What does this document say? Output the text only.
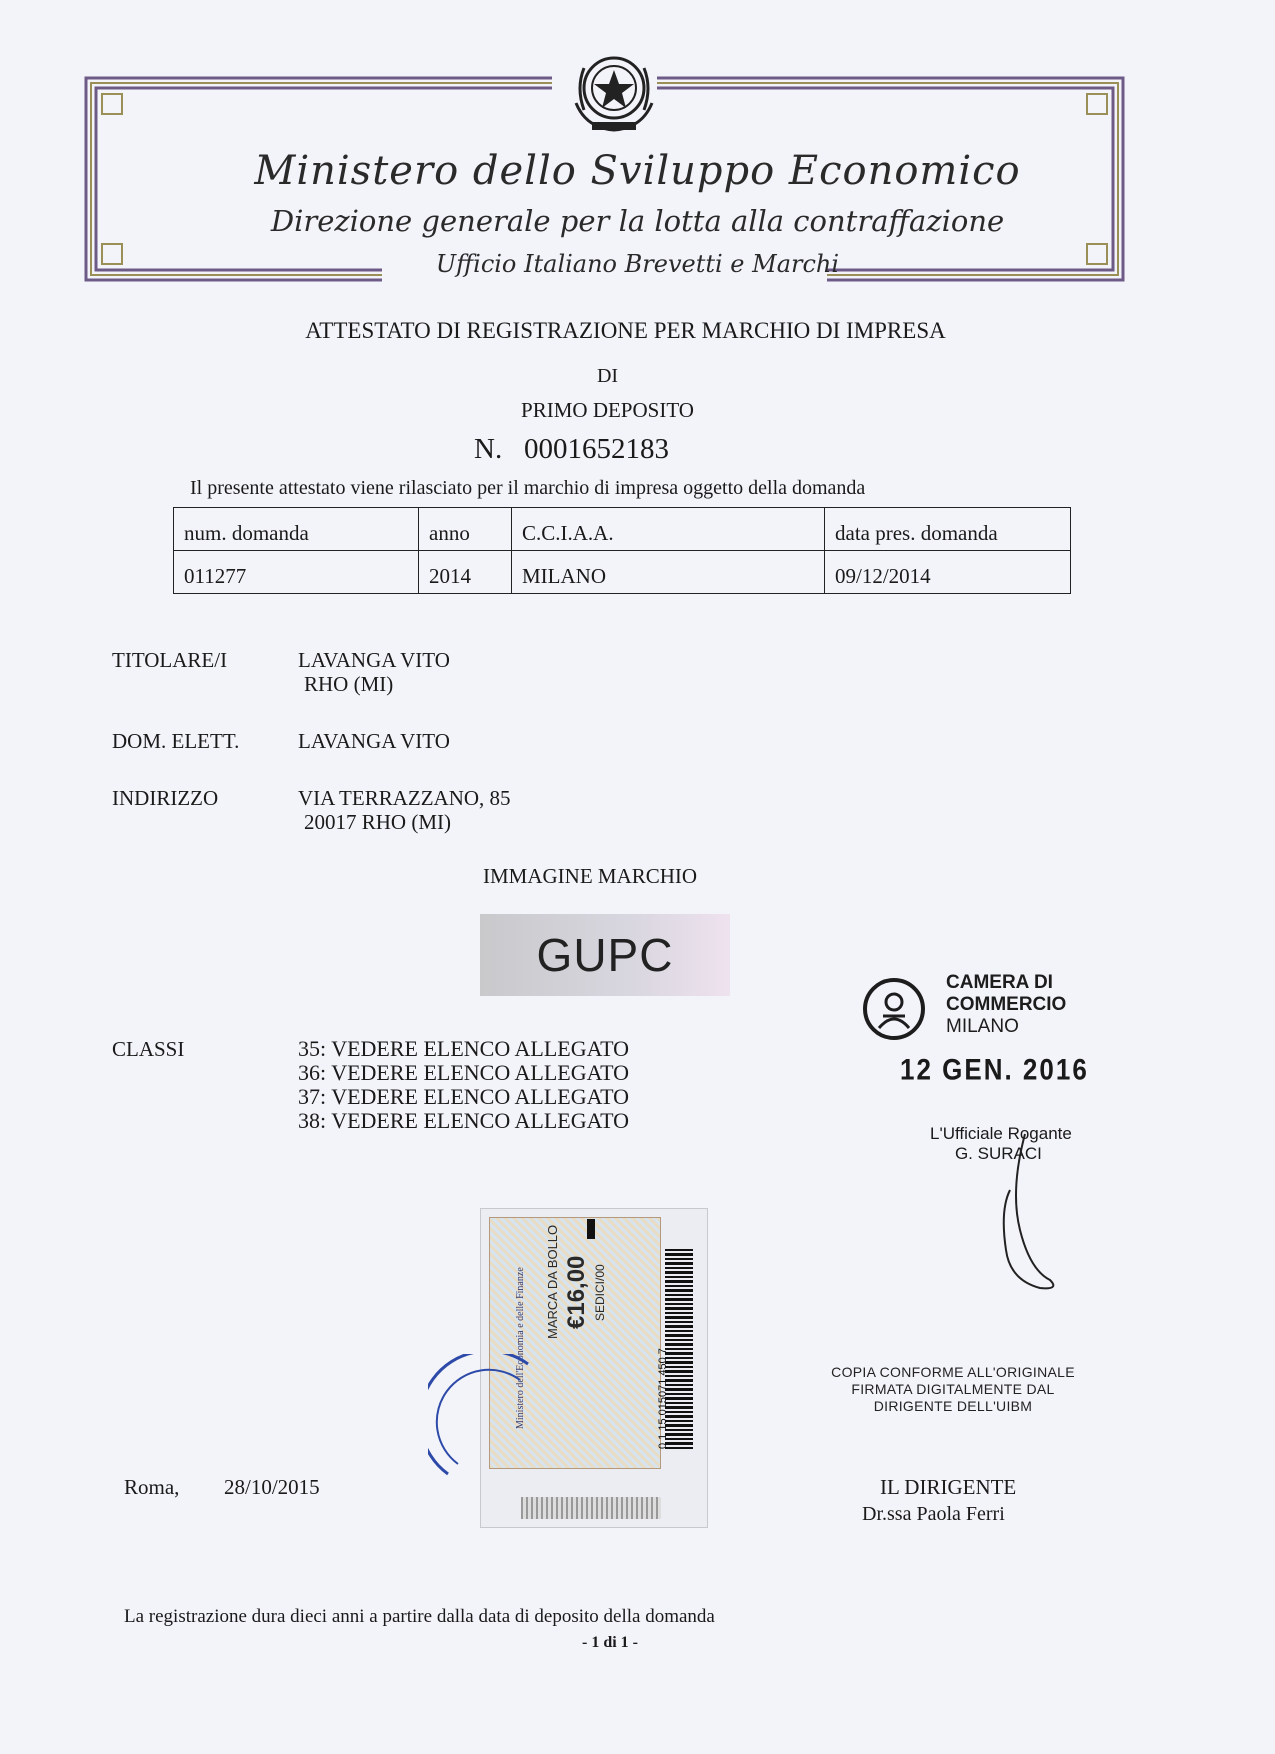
Ministero dello Sviluppo Economico
Direzione generale per la lotta alla contraffazione
Ufficio Italiano Brevetti e Marchi
ATTESTATO DI REGISTRAZIONE PER MARCHIO DI IMPRESA
DI
PRIMO DEPOSITO
N. 0001652183
Il presente attestato viene rilasciato per il marchio di impresa oggetto della domanda
num. domanda	anno	C.C.I.A.A.	data pres. domanda
011277	2014	MILANO	09/12/2014
TITOLARE/I	LAVANGA VITO
RHO (MI)
DOM. ELETT.	LAVANGA VITO
INDIRIZZO	VIA TERRAZZANO, 85
20017 RHO (MI)
IMMAGINE MARCHIO
GUPC
CLASSI	35: VEDERE ELENCO ALLEGATO
36: VEDERE ELENCO ALLEGATO
37: VEDERE ELENCO ALLEGATO
38: VEDERE ELENCO ALLEGATO
CAMERA DI
COMMERCIO
MILANO
12 GEN. 2016
L'Ufficiale Rogante
G. SURACI
MARCA DA BOLLO €16,00 SEDICI/00
Ministero dell'Economia e delle Finanze	0 1 15 015071 450 7	COPIA CONFORME ALL'ORIGINALE
FIRMATA DIGITALMENTE DAL
DIRIGENTE DELL'UIBM
Roma, 28/10/2015	IL DIRIGENTE
Dr.ssa Paola Ferri
La registrazione dura dieci anni a partire dalla data di deposito della domanda
- 1 di 1 -
